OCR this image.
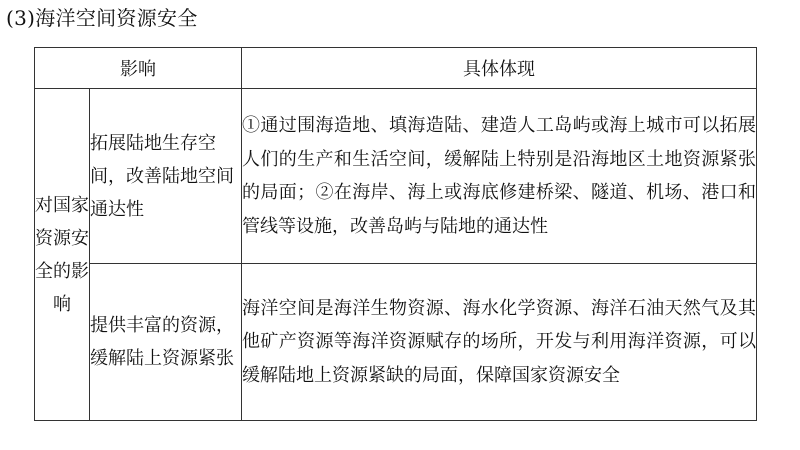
(3)海洋空间资源安全
影响		具体体现
对国家资源安全的影响	拓展陆地生存空间，改善陆地空间通达性	①通过围海造地、填海造陆、建造人工岛屿或海上城市可以拓展人们的生产和生活空间，缓解陆上特别是沿海地区土地资源紧张的局面；②在海岸、海上或海底修建桥梁、隧道、机场、港口和管线等设施，改善岛屿与陆地的通达性
	提供丰富的资源，缓解陆上资源紧张	海洋空间是海洋生物资源、海水化学资源、海洋石油天然气及其他矿产资源等海洋资源赋存的场所，开发与利用海洋资源，可以缓解陆地上资源紧缺的局面，保障国家资源安全
